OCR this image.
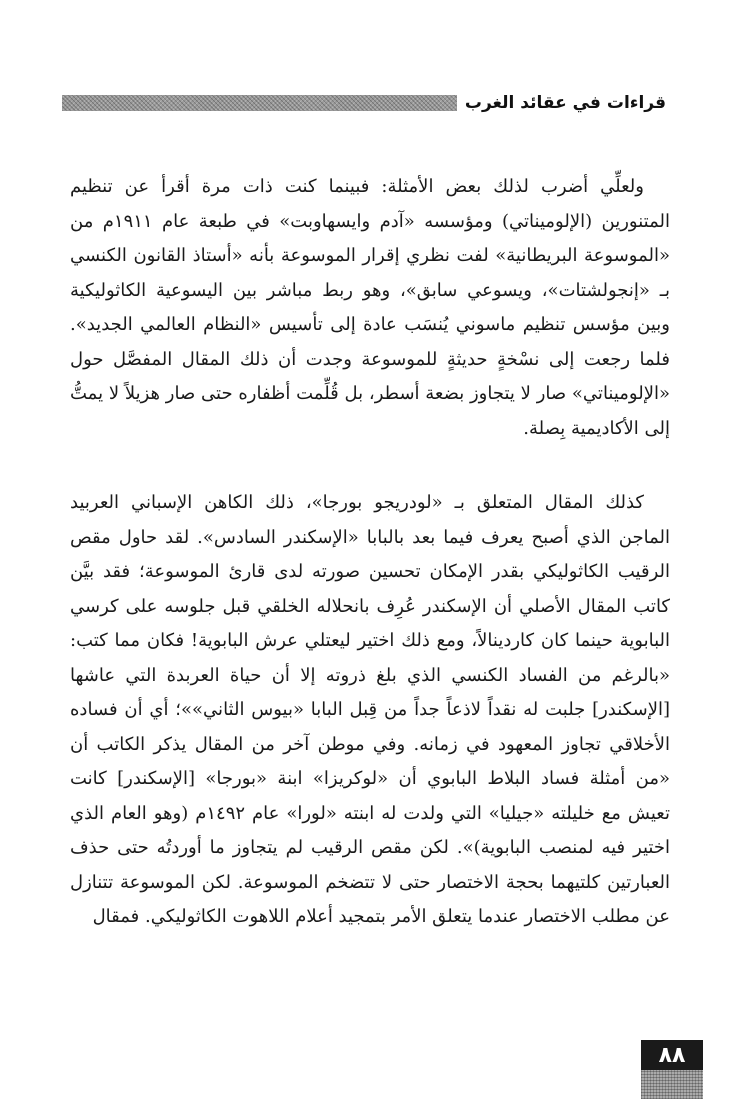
قراءات في عقائد الغرب

ولعلِّي أضرب لذلك بعض الأمثلة: فبينما كنت ذات مرة أقرأ عن تنظيم المتنورين (الإلوميناتي) ومؤسسه «آدم وايسهاوبت» في طبعة عام ١٩١١م من «الموسوعة البريطانية» لفت نظري إقرار الموسوعة بأنه «أستاذ القانون الكنسي بـ «إنجولشتات»، ويسوعي سابق»، وهو ربط مباشر بين اليسوعية الكاثوليكية وبين مؤسس تنظيم ماسوني يُنسَب عادة إلى تأسيس «النظام العالمي الجديد». فلما رجعت إلى نسْخةٍ حديثةٍ للموسوعة وجدت أن ذلك المقال المفصَّل حول «الإلوميناتي» صار لا يتجاوز بضعة أسطر، بل قُلِّمت أظفاره حتى صار هزيلاً لا يمتُّ إلى الأكاديمية بِصلة.

كذلك المقال المتعلق بـ «لودريجو بورجا»، ذلك الكاهن الإسباني العربيد الماجن الذي أصبح يعرف فيما بعد بالبابا «الإسكندر السادس». لقد حاول مقص الرقيب الكاثوليكي بقدر الإمكان تحسين صورته لدى قارئ الموسوعة؛ فقد بيَّن كاتب المقال الأصلي أن الإسكندر عُرِف بانحلاله الخلقي قبل جلوسه على كرسي البابوية حينما كان كاردينالاً، ومع ذلك اختير ليعتلي عرش البابوية! فكان مما كتب: «بالرغم من الفساد الكنسي الذي بلغ ذروته إلا أن حياة العربدة التي عاشها [الإسكندر] جلبت له نقداً لاذعاً جداً من قِبل البابا «بيوس الثاني»»؛ أي أن فساده الأخلاقي تجاوز المعهود في زمانه. وفي موطن آخر من المقال يذكر الكاتب أن «من أمثلة فساد البلاط البابوي أن «لوكريزا» ابنة «بورجا» [الإسكندر] كانت تعيش مع خليلته «جيليا» التي ولدت له ابنته «لورا» عام ١٤٩٢م (وهو العام الذي اختير فيه لمنصب البابوية)». لكن مقص الرقيب لم يتجاوز ما أوردتُه حتى حذف العبارتين كلتيهما بحجة الاختصار حتى لا تتضخم الموسوعة. لكن الموسوعة تتنازل عن مطلب الاختصار عندما يتعلق الأمر بتمجيد أعلام اللاهوت الكاثوليكي. فمقال

٨٨
